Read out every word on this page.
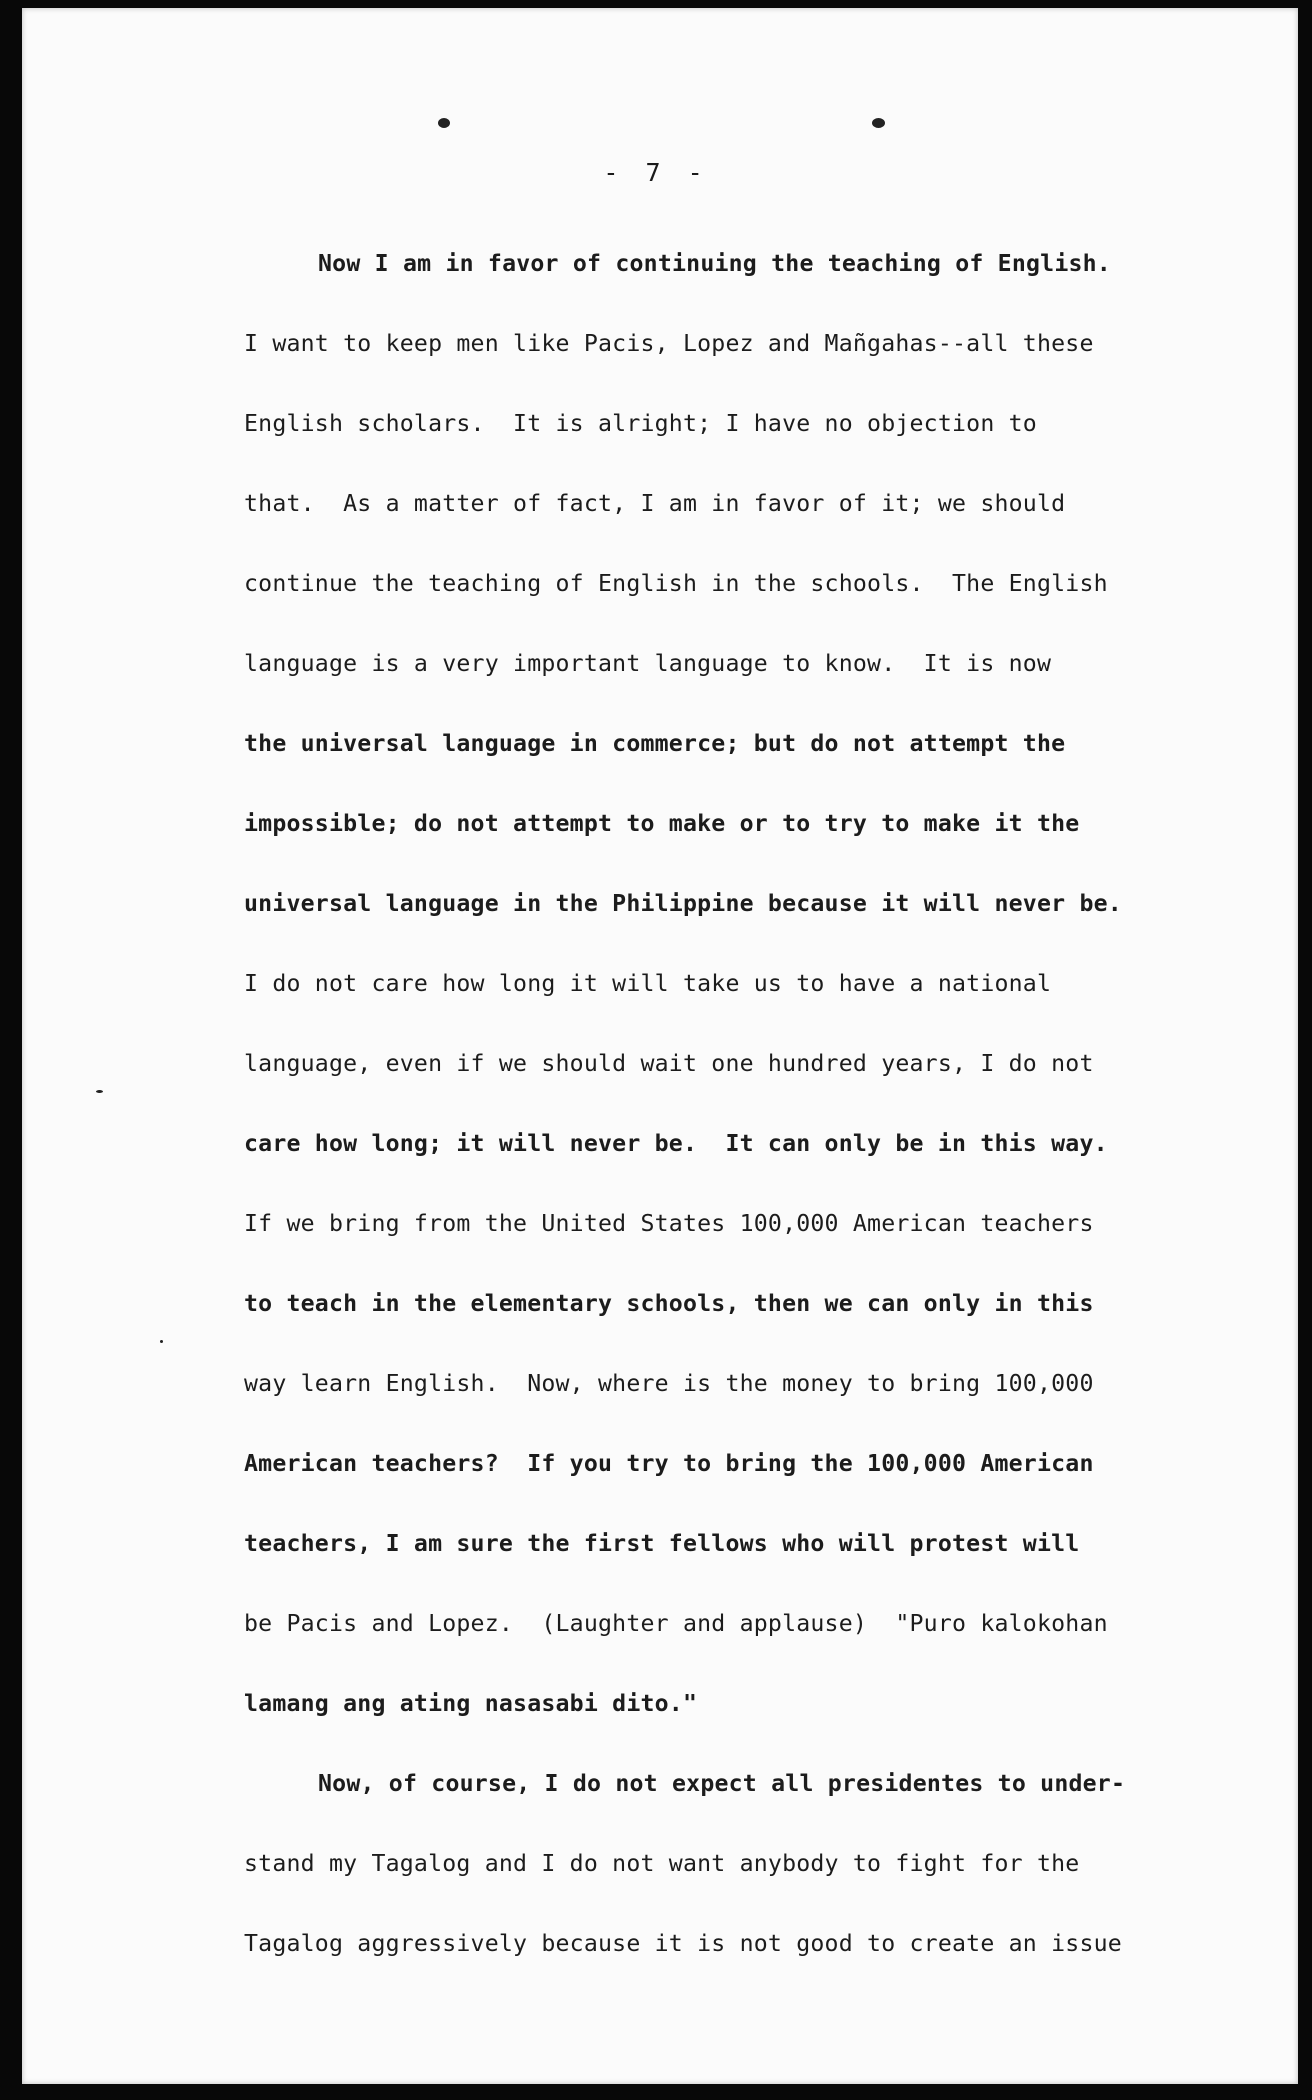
- 7 -
Now I am in favor of continuing the teaching of English.
I want to keep men like Pacis, Lopez and Mañgahas--all these
English scholars.  It is alright; I have no objection to
that.  As a matter of fact, I am in favor of it; we should
continue the teaching of English in the schools.  The English
language is a very important language to know.  It is now
the universal language in commerce; but do not attempt the
impossible; do not attempt to make or to try to make it the
universal language in the Philippine because it will never be.
I do not care how long it will take us to have a national
language, even if we should wait one hundred years, I do not
care how long; it will never be.  It can only be in this way.
If we bring from the United States 100,000 American teachers
to teach in the elementary schools, then we can only in this
way learn English.  Now, where is the money to bring 100,000
American teachers?  If you try to bring the 100,000 American
teachers, I am sure the first fellows who will protest will
be Pacis and Lopez.  (Laughter and applause)  "Puro kalokohan
lamang ang ating nasasabi dito."
Now, of course, I do not expect all presidentes to under-
stand my Tagalog and I do not want anybody to fight for the
Tagalog aggressively because it is not good to create an issue
